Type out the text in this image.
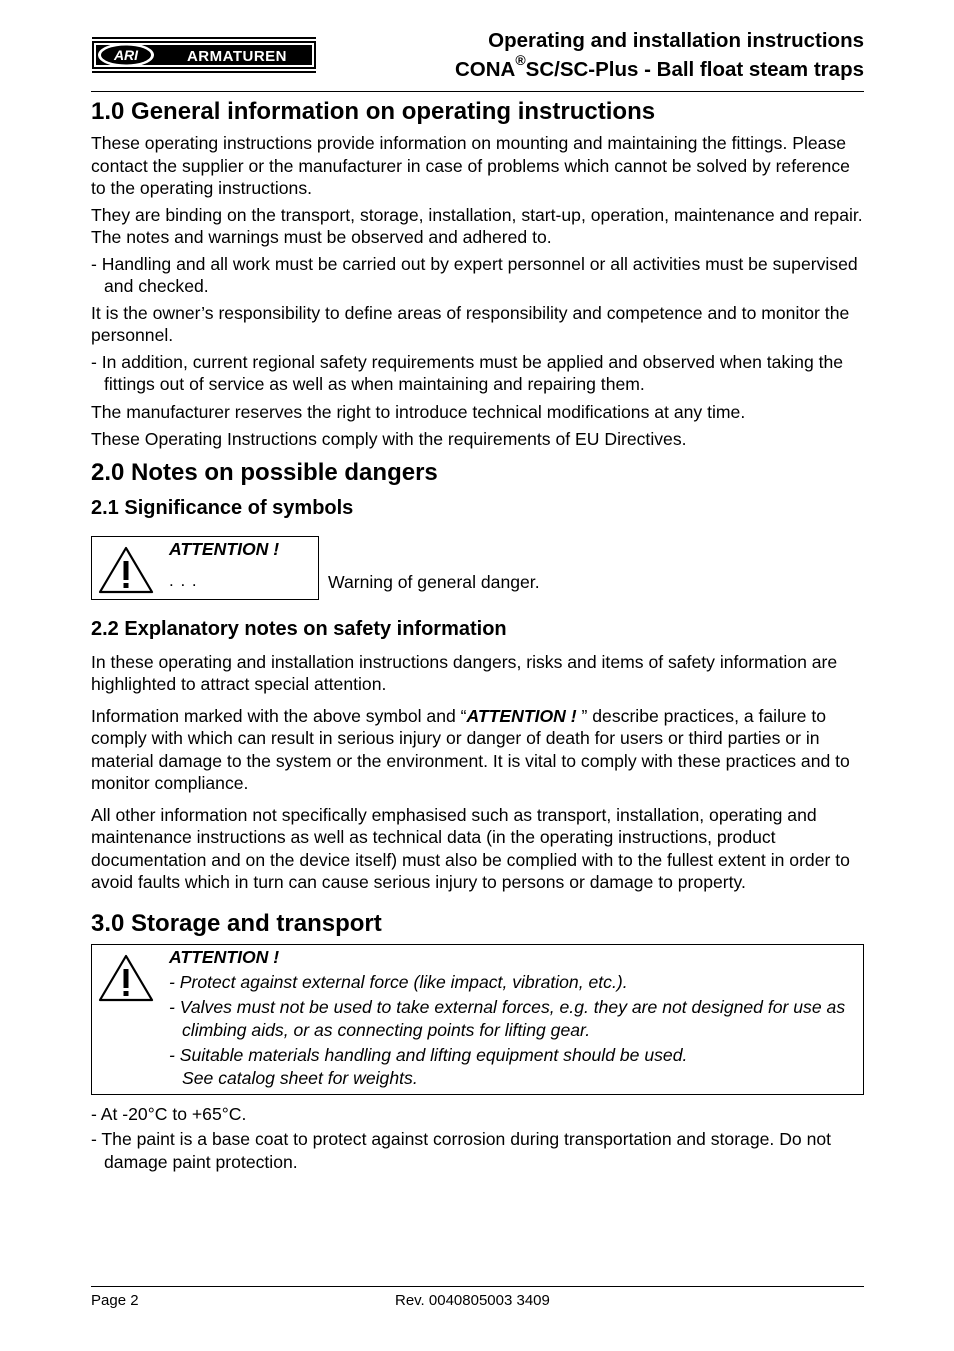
ARI	ARMATUREN
Operating and installation instructions
CONA®SC/SC-Plus - Ball float steam traps
1.0 General information on operating instructions

These operating instructions provide information on mounting and maintaining the fittings. Please contact the supplier or the manufacturer in case of problems which cannot be solved by reference to the operating instructions.

They are binding on the transport, storage, installation, start-up, operation, maintenance and repair.

The notes and warnings must be observed and adhered to.

- Handling and all work must be carried out by expert personnel or all activities must be supervised and checked.

It is the owner’s responsibility to define areas of responsibility and competence and to monitor the personnel.

- In addition, current regional safety requirements must be applied and observed when taking the fittings out of service as well as when maintaining and repairing them.

The manufacturer reserves the right to introduce technical modifications at any time.

These Operating Instructions comply with the requirements of EU Directives.

2.0 Notes on possible dangers
2.1 Significance of symbols
ATTENTION !
. . .	Warning of general danger.
2.2 Explanatory notes on safety information

In these operating and installation instructions dangers, risks and items of safety information are highlighted to attract special attention.

Information marked with the above symbol and “ATTENTION ! ” describe practices, a failure to comply with which can result in serious injury or danger of death for users or third parties or in material damage to the system or the environment. It is vital to comply with these practices and to monitor compliance.

All other information not specifically emphasised such as transport, installation, operating and maintenance instructions as well as technical data (in the operating instructions, product documentation and on the device itself) must also be complied with to the fullest extent in order to avoid faults which in turn can cause serious injury to persons or damage to property.

3.0 Storage and transport
ATTENTION !
- Protect against external force (like impact, vibration, etc.).
- Valves must not be used to take external forces, e.g. they are not designed for use as climbing aids, or as connecting points for lifting gear.
- Suitable materials handling and lifting equipment should be used.
See catalog sheet for weights.

- At -20°C to +65°C.

- The paint is a base coat to protect against corrosion during transportation and storage. Do not damage paint protection.

Page 2	Rev. 0040805003 3409
